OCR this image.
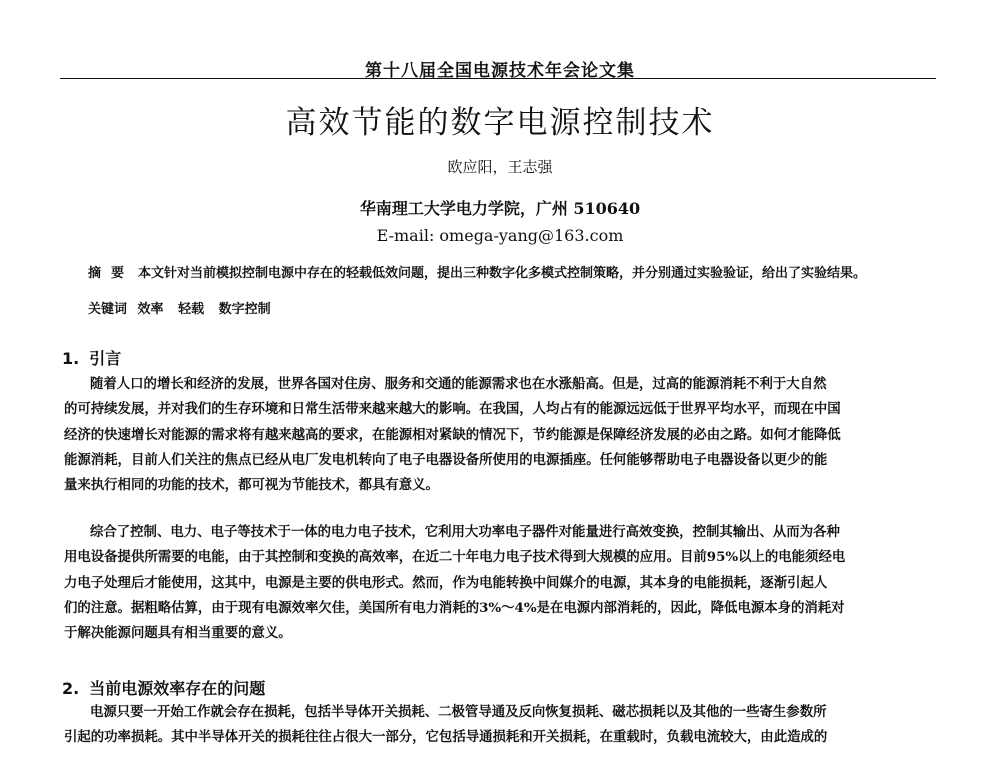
第十八届全国电源技术年会论文集
高效节能的数字电源控制技术
欧应阳，王志强
华南理工大学电力学院，广州 510640
E-mail: omega-yang@163.com
摘要 本文针对当前模拟控制电源中存在的轻载低效问题，提出三种数字化多模式控制策略，并分别通过实验验证，给出了实验结果。
关键词 效率 轻载 数字控制
1. 引言
随着人口的增长和经济的发展，世界各国对住房、服务和交通的能源需求也在水涨船高。但是，过高的能源消耗不利于大自然
的可持续发展，并对我们的生存环境和日常生活带来越来越大的影响。在我国，人均占有的能源远远低于世界平均水平，而现在中国
经济的快速增长对能源的需求将有越来越高的要求，在能源相对紧缺的情况下，节约能源是保障经济发展的必由之路。如何才能降低
能源消耗，目前人们关注的焦点已经从电厂发电机转向了电子电器设备所使用的电源插座。任何能够帮助电子电器设备以更少的能
量来执行相同的功能的技术，都可视为节能技术，都具有意义。
综合了控制、电力、电子等技术于一体的电力电子技术，它利用大功率电子器件对能量进行高效变换，控制其输出、从而为各种
用电设备提供所需要的电能，由于其控制和变换的高效率，在近二十年电力电子技术得到大规模的应用。目前95%以上的电能须经电
力电子处理后才能使用，这其中，电源是主要的供电形式。然而，作为电能转换中间媒介的电源，其本身的电能损耗，逐渐引起人
们的注意。据粗略估算，由于现有电源效率欠佳，美国所有电力消耗的3%～4%是在电源内部消耗的，因此，降低电源本身的消耗对
于解决能源问题具有相当重要的意义。
2. 当前电源效率存在的问题
电源只要一开始工作就会存在损耗，包括半导体开关损耗、二极管导通及反向恢复损耗、磁芯损耗以及其他的一些寄生参数所
引起的功率损耗。其中半导体开关的损耗往往占很大一部分，它包括导通损耗和开关损耗，在重载时，负载电流较大，由此造成的
